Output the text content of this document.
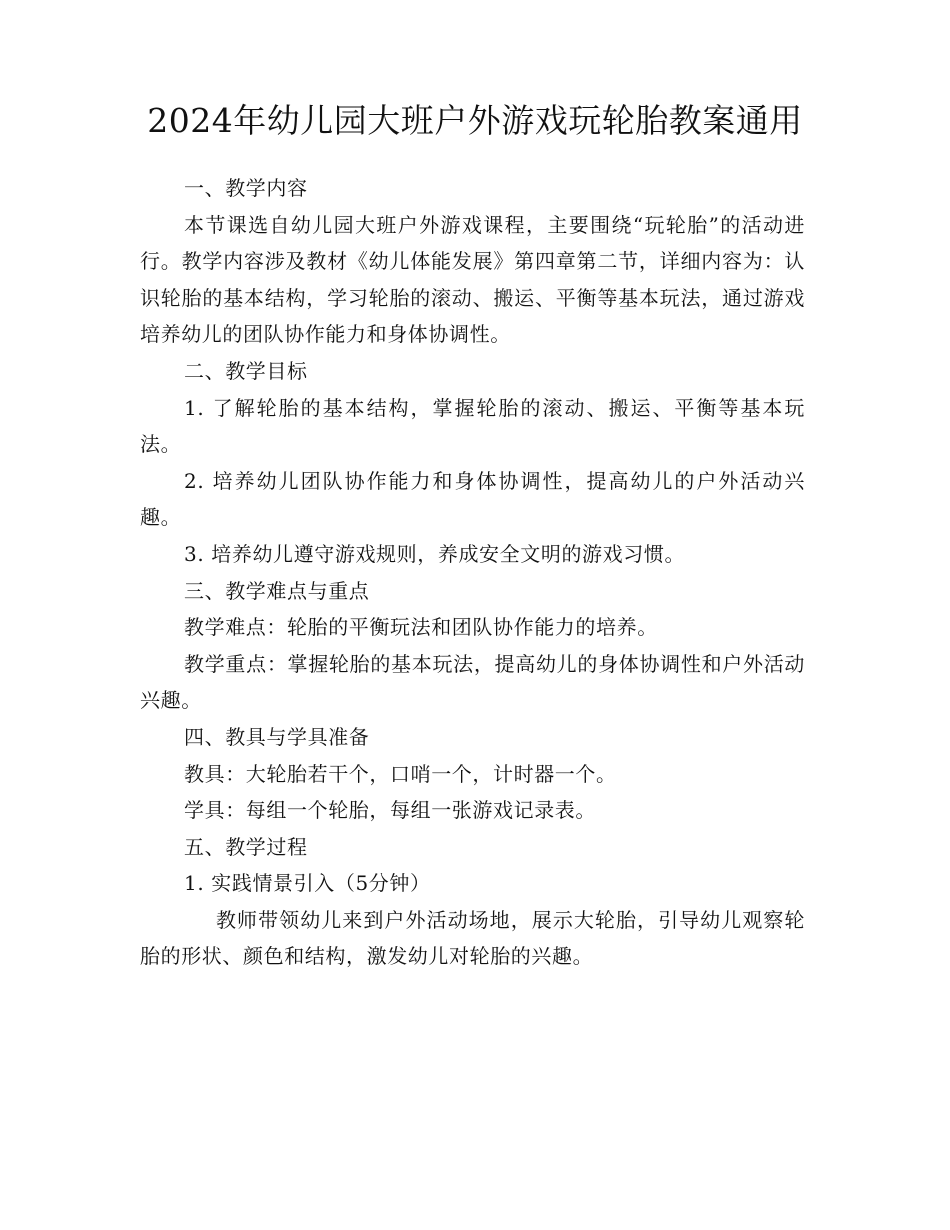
2024年幼儿园大班户外游戏玩轮胎教案通用

一、教学内容

本节课选自幼儿园大班户外游戏课程，主要围绕“玩轮胎”的活动进行。教学内容涉及教材《幼儿体能发展》第四章第二节，详细内容为：认识轮胎的基本结构，学习轮胎的滚动、搬运、平衡等基本玩法，通过游戏培养幼儿的团队协作能力和身体协调性。

二、教学目标

1. 了解轮胎的基本结构，掌握轮胎的滚动、搬运、平衡等基本玩法。

2. 培养幼儿团队协作能力和身体协调性，提高幼儿的户外活动兴趣。

3. 培养幼儿遵守游戏规则，养成安全文明的游戏习惯。

三、教学难点与重点

教学难点：轮胎的平衡玩法和团队协作能力的培养。

教学重点：掌握轮胎的基本玩法，提高幼儿的身体协调性和户外活动兴趣。

四、教具与学具准备

教具：大轮胎若干个，口哨一个，计时器一个。

学具：每组一个轮胎，每组一张游戏记录表。

五、教学过程

1. 实践情景引入（5分钟）

教师带领幼儿来到户外活动场地，展示大轮胎，引导幼儿观察轮胎的形状、颜色和结构，激发幼儿对轮胎的兴趣。
